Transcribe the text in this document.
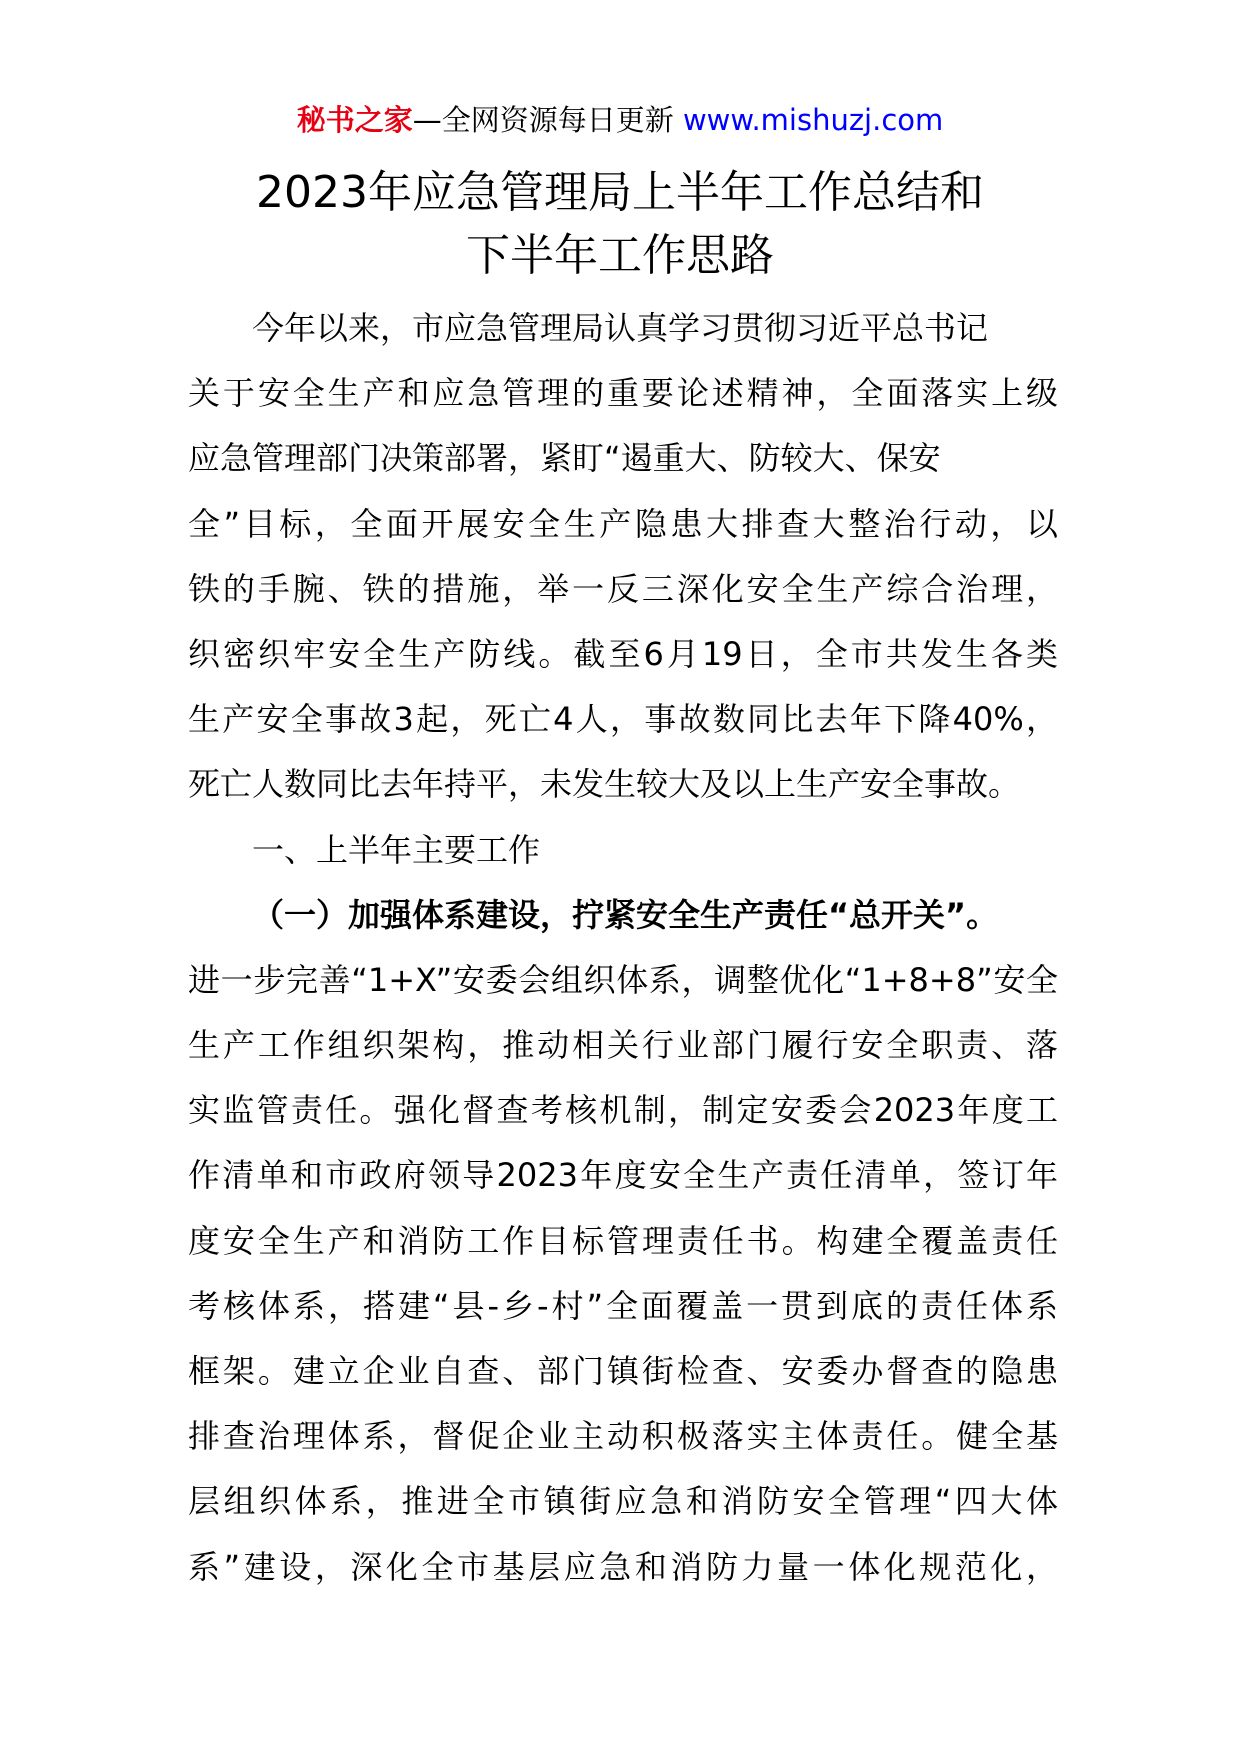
秘书之家—全网资源每日更新 www.mishuzj.com
2023年应急管理局上半年工作总结和
下半年工作思路
今年以来，市应急管理局认真学习贯彻习近平总书记
关于安全生产和应急管理的重要论述精神，全面落实上级
应急管理部门决策部署，紧盯“遏重大、防较大、保安
全”目标，全面开展安全生产隐患大排查大整治行动，以
铁的手腕、铁的措施，举一反三深化安全生产综合治理，
织密织牢安全生产防线。截至6月19日，全市共发生各类
生产安全事故3起，死亡4人，事故数同比去年下降40%，
死亡人数同比去年持平，未发生较大及以上生产安全事故。
一、上半年主要工作
（一）加强体系建设，拧紧安全生产责任“总开关”。
进一步完善“1+X”安委会组织体系，调整优化“1+8+8”安全
生产工作组织架构，推动相关行业部门履行安全职责、落
实监管责任。强化督查考核机制，制定安委会2023年度工
作清单和市政府领导2023年度安全生产责任清单，签订年
度安全生产和消防工作目标管理责任书。构建全覆盖责任
考核体系，搭建“县-乡-村”全面覆盖一贯到底的责任体系
框架。建立企业自查、部门镇街检查、安委办督查的隐患
排查治理体系，督促企业主动积极落实主体责任。健全基
层组织体系，推进全市镇街应急和消防安全管理“四大体
系”建设，深化全市基层应急和消防力量一体化规范化，
